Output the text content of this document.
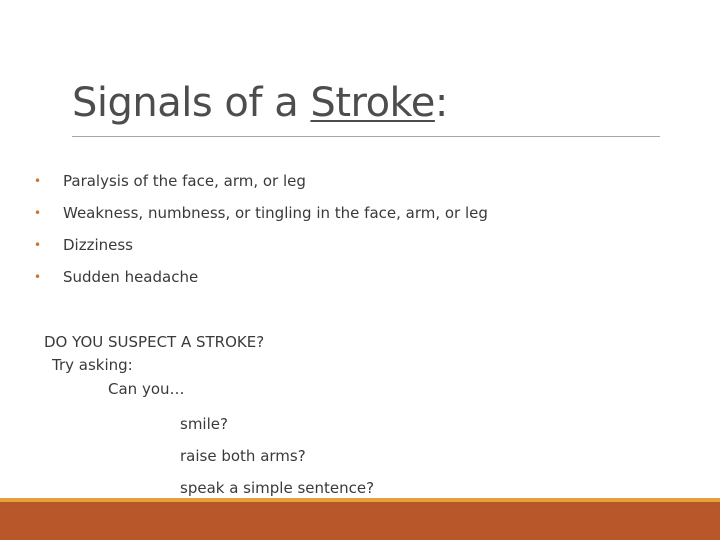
Signals of a Stroke:
• Paralysis of the face, arm, or leg
• Weakness, numbness, or tingling in the face, arm, or leg
• Dizziness
• Sudden headache
DO YOU SUSPECT A STROKE?
Try asking:
Can you…
smile?
raise both arms?
speak a simple sentence?
